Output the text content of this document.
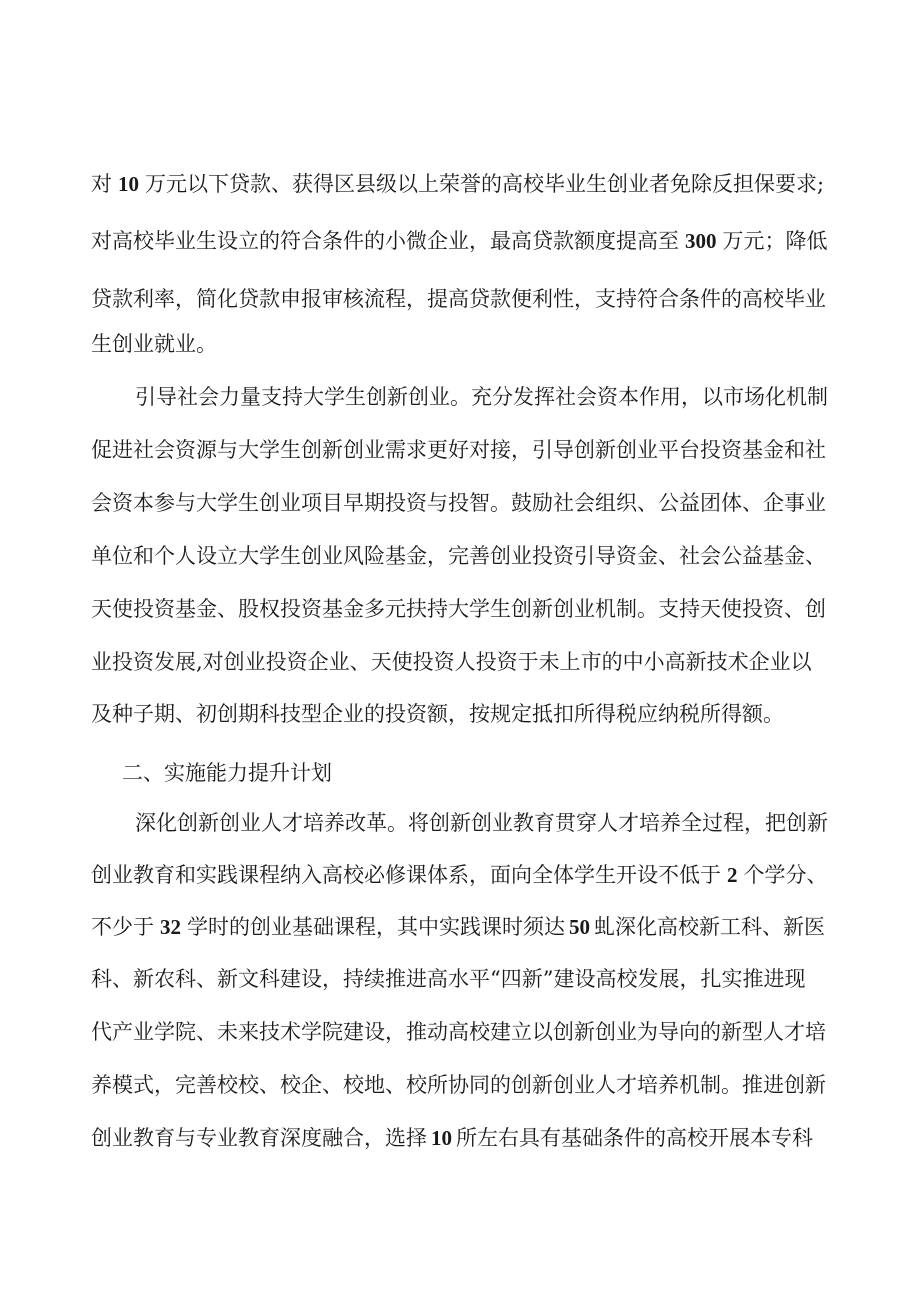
对 10 万元以下贷款、获得区县级以上荣誉的高校毕业生创业者免除反担保要求;

对高校毕业生设立的符合条件的小微企业，最高贷款额度提高至 300 万元；降低

贷款利率，简化贷款申报审核流程，提高贷款便利性，支持符合条件的高校毕业

生创业就业。

引导社会力量支持大学生创新创业。充分发挥社会资本作用，以市场化机制

促进社会资源与大学生创新创业需求更好对接，引导创新创业平台投资基金和社

会资本参与大学生创业项目早期投资与投智。鼓励社会组织、公益团体、企事业

单位和个人设立大学生创业风险基金，完善创业投资引导资金、社会公益基金、

天使投资基金、股权投资基金多元扶持大学生创新创业机制。支持天使投资、创

业投资发展,对创业投资企业、天使投资人投资于未上市的中小高新技术企业以

及种子期、初创期科技型企业的投资额，按规定抵扣所得税应纳税所得额。

二、实施能力提升计划

深化创新创业人才培养改革。将创新创业教育贯穿人才培养全过程，把创新

创业教育和实践课程纳入高校必修课体系，面向全体学生开设不低于 2 个学分、

不少于 32 学时的创业基础课程，其中实践课时须达 50 虬深化高校新工科、新医

科、新农科、新文科建设，持续推进高水平“四新”建设高校发展，扎实推进现

代产业学院、未来技术学院建设，推动高校建立以创新创业为导向的新型人才培

养模式，完善校校、校企、校地、校所协同的创新创业人才培养机制。推进创新

创业教育与专业教育深度融合，选择 10 所左右具有基础条件的高校开展本专科
